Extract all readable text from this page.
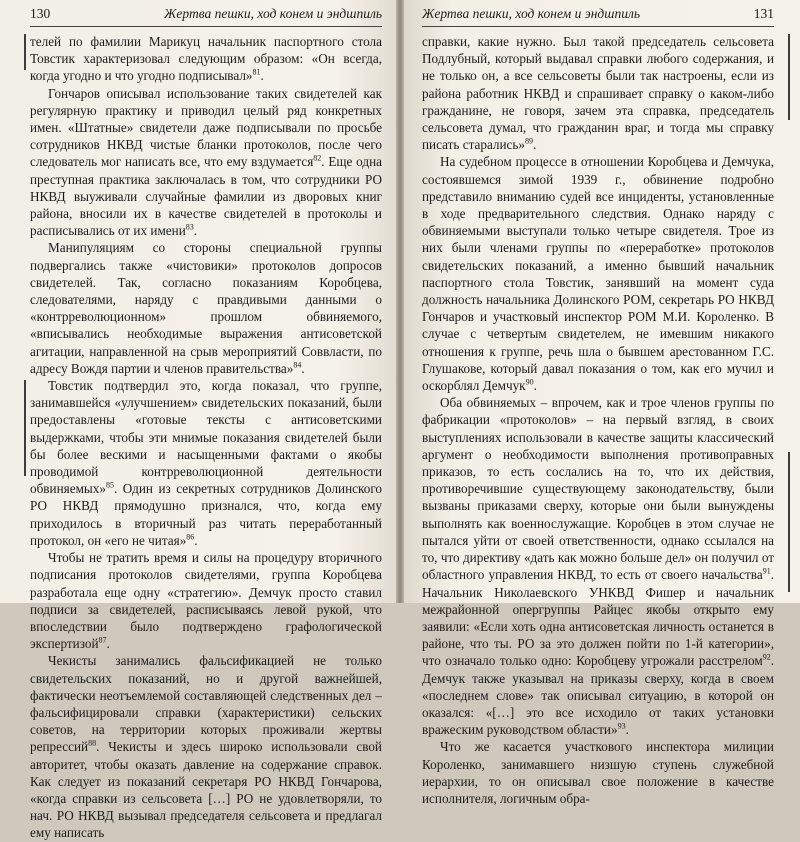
130	Жертва пешки, ход конем и эндшпиль

телей по фамилии Марикуц начальник паспортного стола Товстик характеризовал следующим образом: «Он всегда, когда угодно и что угодно подписывал»$^{81}$.

Гончаров описывал использование таких свидетелей как регулярную практику и приводил целый ряд конкретных имен. «Штатные» свидетели даже подписывали по просьбе сотрудников НКВД чистые бланки протоколов, после чего следователь мог написать все, что ему вздумается$^{82}$. Еще одна преступная практика заключалась в том, что сотрудники РО НКВД выуживали случайные фамилии из дворовых книг района, вносили их в качестве свидетелей в протоколы и расписывались от их имени$^{83}$.

Манипуляциям со стороны специальной группы подвергались также «чистовики» протоколов допросов свидетелей. Так, согласно показаниям Коробцева, следователями, наряду с правдивыми данными о «контрреволюционном» прошлом обвиняемого, «вписывались необходимые выражения антисоветской агитации, направленной на срыв мероприятий Соввласти, по адресу Вождя партии и членов правительства»$^{84}$.

Товстик подтвердил это, когда показал, что группе, занимавшейся «улучшением» свидетельских показаний, были предоставлены «готовые тексты с антисоветскими выдержками, чтобы эти мнимые показания свидетелей были бы более вескими и насыщенными фактами о якобы проводимой контрреволюционной деятельности обвиняемых»$^{85}$. Один из секретных сотрудников Долинского РО НКВД прямодушно признался, что, когда ему приходилось в вторичный раз читать переработанный протокол, он «его не читая»$^{86}$.

Чтобы не тратить время и силы на процедуру вторичного подписания протоколов свидетелями, группа Коробцева разработала еще одну «стратегию». Демчук просто ставил подписи за свидетелей, расписываясь левой рукой, что впоследствии было подтверждено графологической экспертизой$^{87}$.

Чекисты занимались фальсификацией не только свидетельских показаний, но и другой важнейшей, фактически неотъемлемой составляющей следственных дел – фальсифицировали справки (характеристики) сельских советов, на территории которых проживали жертвы репрессий$^{88}$. Чекисты и здесь широко использовали свой авторитет, чтобы оказать давление на содержание справок. Как следует из показаний секретаря РО НКВД Гончарова, «когда справки из сельсовета […] РО не удовлетворяли, то нач. РО НКВД вызывал председателя сельсовета и предлагал ему написать

Жертва пешки, ход конем и эндшпиль	131

справки, какие нужно. Был такой председатель сельсовета Подлубный, который выдавал справки любого содержания, и не только он, а все сельсоветы были так настроены, если из района работник НКВД и спрашивает справку о каком-либо гражданине, не говоря, зачем эта справка, председатель сельсовета думал, что гражданин враг, и тогда мы справку писать старались»$^{89}$.

На судебном процессе в отношении Коробцева и Демчука, состоявшемся зимой 1939 г., обвинение подробно представило вниманию судей все инциденты, установленные в ходе предварительного следствия. Однако наряду с обвиняемыми выступали только четыре свидетеля. Трое из них были членами группы по «переработке» протоколов свидетельских показаний, а именно бывший начальник паспортного стола Товстик, занявший на момент суда должность начальника Долинского РОМ, секретарь РО НКВД Гончаров и участковый инспектор РОМ М.И. Короленко. В случае с четвертым свидетелем, не имевшим никакого отношения к группе, речь шла о бывшем арестованном Г.С. Глушакове, который давал показания о том, как его мучил и оскорблял Демчук$^{90}$.

Оба обвиняемых – впрочем, как и трое членов группы по фабрикации «протоколов» – на первый взгляд, в своих выступлениях использовали в качестве защиты классический аргумент о необходимости выполнения противоправных приказов, то есть сослались на то, что их действия, противоречившие существующему законодательству, были вызваны приказами сверху, которые они были вынуждены выполнять как военнослужащие. Коробцев в этом случае не пытался уйти от своей ответственности, однако ссылался на то, что директиву «дать как можно больше дел» он получил от областного управления НКВД, то есть от своего начальства$^{91}$. Начальник Николаевского УНКВД Фишер и начальник межрайонной опергруппы Райцес якобы открыто ему заявили: «Если хоть одна антисоветская личность останется в районе, что ты. РО за это должен пойти по 1-й категории», что означало только одно: Коробцеву угрожали расстрелом$^{92}$. Демчук также указывал на приказы сверху, когда в своем «последнем слове» так описывал ситуацию, в которой он оказался: «[…] это все исходило от таких установки вражеским руководством области»$^{93}$.

Что же касается участкового инспектора милиции Короленко, занимавшего низшую ступень служебной иерархии, то он описывал свое положение в качестве исполнителя, логичным обра-
